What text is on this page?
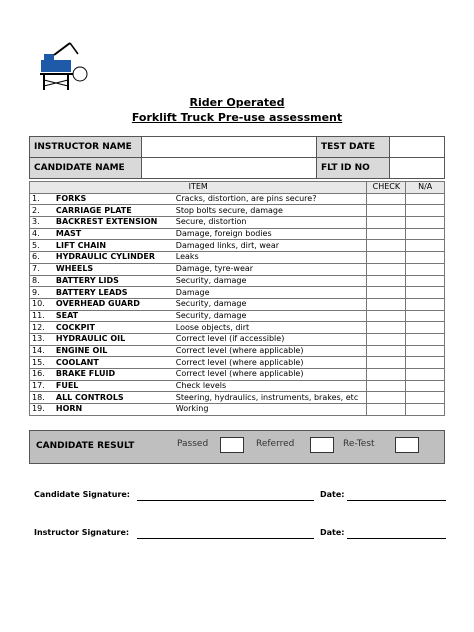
Rider Operated
Forklift Truck Pre-use assessment
INSTRUCTOR NAME		TEST DATE	
CANDIDATE NAME		FLT ID NO	
ITEM			CHECK	N/A
1.	FORKS	Cracks, distortion, are pins secure?		
2.	CARRIAGE PLATE	Stop bolts secure, damage		
3.	BACKREST EXTENSION	Secure, distortion		
4.	MAST	Damage, foreign bodies		
5.	LIFT CHAIN	Damaged links, dirt, wear		
6.	HYDRAULIC CYLINDER	Leaks		
7.	WHEELS	Damage, tyre-wear		
8.	BATTERY LIDS	Security, damage		
9.	BATTERY LEADS	Damage		
10.	OVERHEAD GUARD	Security, damage		
11.	SEAT	Security, damage		
12.	COCKPIT	Loose objects, dirt		
13.	HYDRAULIC OIL	Correct level (if accessible)		
14.	ENGINE OIL	Correct level (where applicable)		
15.	COOLANT	Correct level (where applicable)		
16.	BRAKE FLUID	Correct level (where applicable)		
17.	FUEL	Check levels		
18.	ALL CONTROLS	Steering, hydraulics, instruments, brakes, etc		
19.	HORN	Working		
CANDIDATE RESULT	Passed	Referred	Re-Test
Candidate Signature:	Date:
Instructor Signature:	Date:
